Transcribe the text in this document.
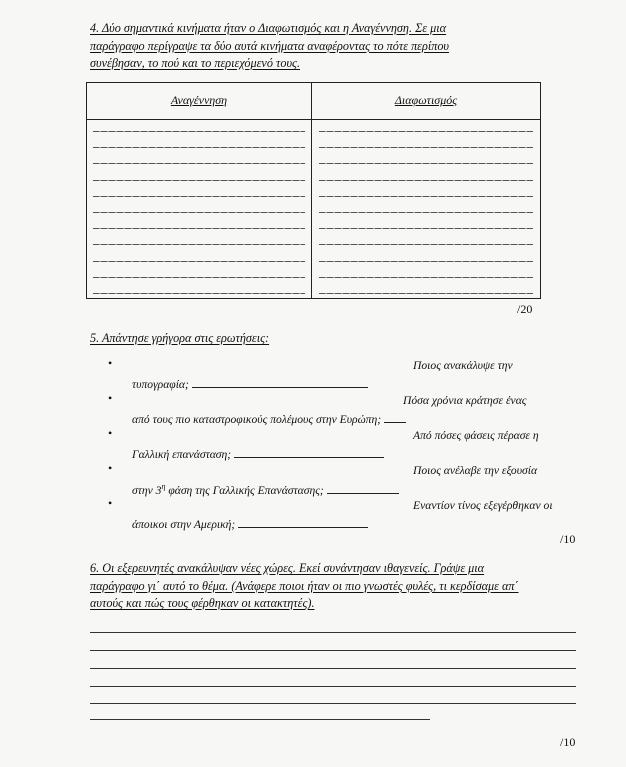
4. Δύο σημαντικά κινήματα ήταν ο Διαφωτισμός και η Αναγέννηση. Σε μια

παράγραφο περίγραψε τα δύο αυτά κινήματα αναφέροντας το πότε περίπου

συνέβησαν, το πού και το περιεχόμενό τους.

Αναγέννηση	Διαφωτισμός
/20
5. Απάντησε γρήγορα στις ερωτήσεις:
•	Ποιος ανακάλυψε την
τυπογραφία;
•	Πόσα χρόνια κράτησε ένας
από τους πιο καταστροφικούς πολέμους στην Ευρώπη;
•	Από πόσες φάσεις πέρασε η
Γαλλική επανάσταση;
•	Ποιος ανέλαβε την εξουσία
στην $3^\eta$ φάση της Γαλλικής Επανάστασης;
•	Εναντίον τίνος εξεγέρθηκαν οι
άποικοι στην Αμερική;
/10

6. Οι εξερευνητές ανακάλυψαν νέες χώρες. Εκεί συνάντησαν ιθαγενείς. Γράψε μια

παράγραφο γι΄ αυτό το θέμα. (Ανάφερε ποιοι ήταν οι πιο γνωστές φυλές, τι κερδίσαμε απ΄

αυτούς και πώς τους φέρθηκαν οι κατακτητές).

/10
